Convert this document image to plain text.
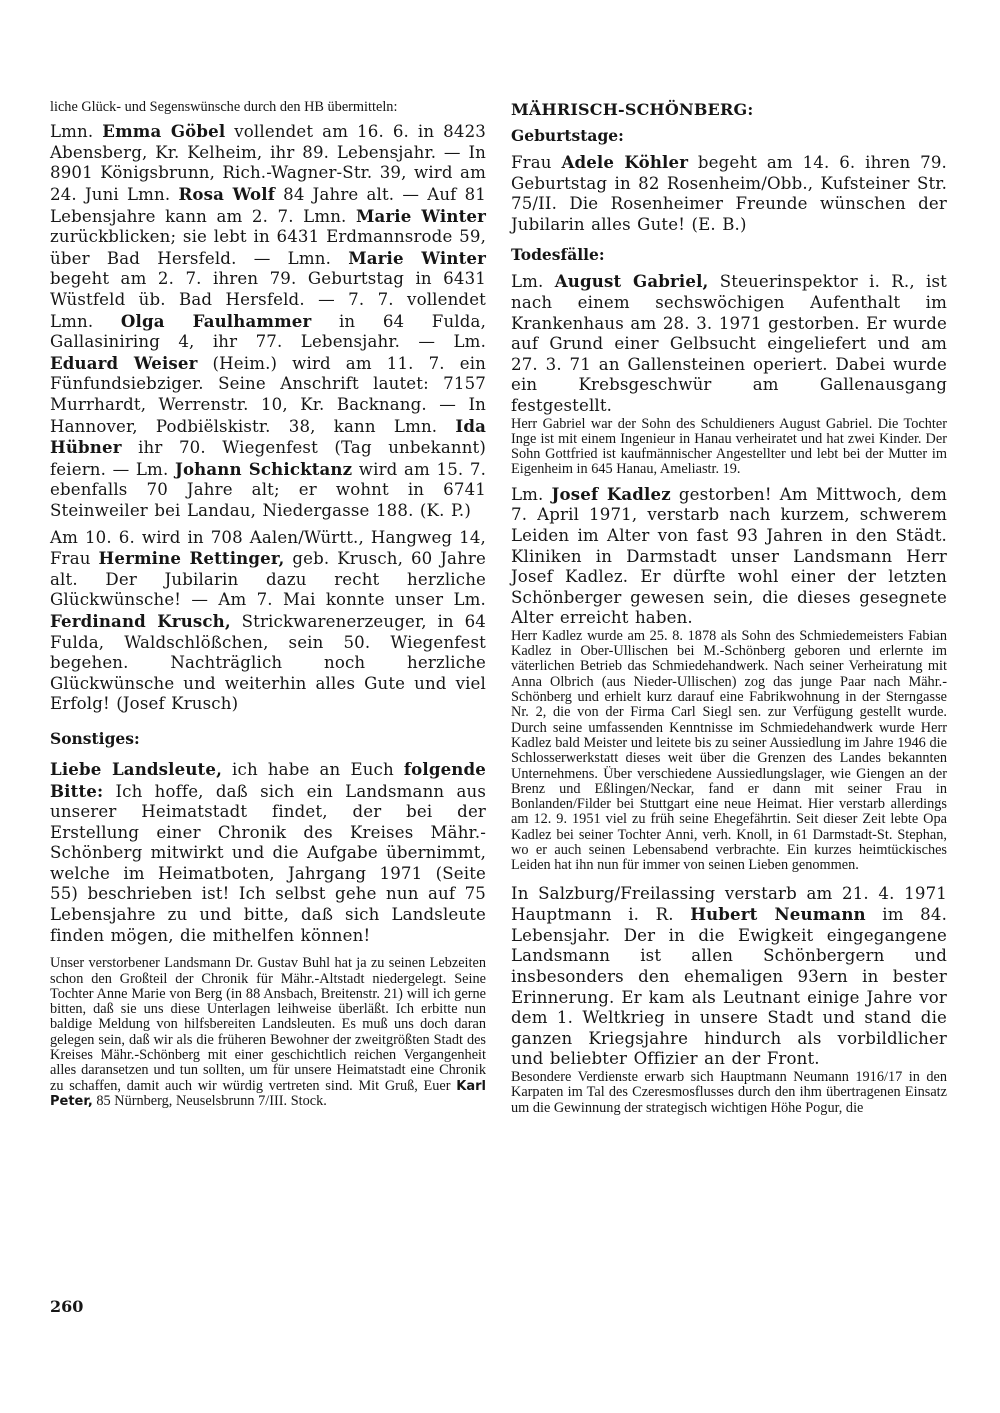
liche Glück- und Segenswünsche durch den HB übermitteln:

Lmn. Emma Göbel vollendet am 16. 6. in 8423 Abensberg, Kr. Kelheim, ihr 89. Lebensjahr. — In 8901 Königsbrunn, Rich.-Wagner-Str. 39, wird am 24. Juni Lmn. Rosa Wolf 84 Jahre alt. — Auf 81 Lebensjahre kann am 2. 7. Lmn. Marie Winter zurückblicken; sie lebt in 6431 Erdmannsrode 59, über Bad Hersfeld. — Lmn. Marie Winter begeht am 2. 7. ihren 79. Geburtstag in 6431 Wüstfeld üb. Bad Hersfeld. — 7. 7. vollendet Lmn. Olga Faulhammer in 64 Fulda, Gallasiniring 4, ihr 77. Lebensjahr. — Lm. Eduard Weiser (Heim.) wird am 11. 7. ein Fünfundsiebziger. Seine Anschrift lautet: 7157 Murrhardt, Werrenstr. 10, Kr. Backnang. — In Hannover, Podbiëlskistr. 38, kann Lmn. Ida Hübner ihr 70. Wiegenfest (Tag unbekannt) feiern. — Lm. Johann Schicktanz wird am 15. 7. ebenfalls 70 Jahre alt; er wohnt in 6741 Steinweiler bei Landau, Niedergasse 188. (K. P.)

Am 10. 6. wird in 708 Aalen/Württ., Hangweg 14, Frau Hermine Rettinger, geb. Krusch, 60 Jahre alt. Der Jubilarin dazu recht herzliche Glückwünsche! — Am 7. Mai konnte unser Lm. Ferdinand Krusch, Strickwarenerzeuger, in 64 Fulda, Waldschlößchen, sein 50. Wiegenfest begehen. Nachträglich noch herzliche Glückwünsche und weiterhin alles Gute und viel Erfolg! (Josef Krusch)

Sonstiges:

Liebe Landsleute, ich habe an Euch folgende Bitte: Ich hoffe, daß sich ein Landsmann aus unserer Heimatstadt findet, der bei der Erstellung einer Chronik des Kreises Mähr.-Schönberg mitwirkt und die Aufgabe übernimmt, welche im Heimatboten, Jahrgang 1971 (Seite 55) beschrieben ist! Ich selbst gehe nun auf 75 Lebensjahre zu und bitte, daß sich Landsleute finden mögen, die mithelfen können!

Unser verstorbener Landsmann Dr. Gustav Buhl hat ja zu seinen Lebzeiten schon den Großteil der Chronik für Mähr.-Altstadt niedergelegt. Seine Tochter Anne Marie von Berg (in 88 Ansbach, Breitenstr. 21) will ich gerne bitten, daß sie uns diese Unterlagen leihweise überläßt. Ich erbitte nun baldige Meldung von hilfsbereiten Landsleuten. Es muß uns doch daran gelegen sein, daß wir als die früheren Bewohner der zweitgrößten Stadt des Kreises Mähr.-Schönberg mit einer geschichtlich reichen Vergangenheit alles daransetzen und tun sollten, um für unsere Heimatstadt eine Chronik zu schaffen, damit auch wir würdig vertreten sind. Mit Gruß, Euer Karl Peter, 85 Nürnberg, Neuselsbrunn 7/III. Stock.

MÄHRISCH-SCHÖNBERG:
Geburtstage:

Frau Adele Köhler begeht am 14. 6. ihren 79. Geburtstag in 82 Rosenheim/Obb., Kufsteiner Str. 75/II. Die Rosenheimer Freunde wünschen der Jubilarin alles Gute! (E. B.)

Todesfälle:

Lm. August Gabriel, Steuerinspektor i. R., ist nach einem sechswöchigen Aufenthalt im Krankenhaus am 28. 3. 1971 gestorben. Er wurde auf Grund einer Gelbsucht eingeliefert und am 27. 3. 71 an Gallensteinen operiert. Dabei wurde ein Krebsgeschwür am Gallenausgang festgestellt.

Herr Gabriel war der Sohn des Schuldieners August Gabriel. Die Tochter Inge ist mit einem Ingenieur in Hanau verheiratet und hat zwei Kinder. Der Sohn Gottfried ist kaufmännischer Angestellter und lebt bei der Mutter im Eigenheim in 645 Hanau, Ameliastr. 19.

Lm. Josef Kadlez gestorben! Am Mittwoch, dem 7. April 1971, verstarb nach kurzem, schwerem Leiden im Alter von fast 93 Jahren in den Städt. Kliniken in Darmstadt unser Landsmann Herr Josef Kadlez. Er dürfte wohl einer der letzten Schönberger gewesen sein, die dieses gesegnete Alter erreicht haben.

Herr Kadlez wurde am 25. 8. 1878 als Sohn des Schmiedemeisters Fabian Kadlez in Ober-Ullischen bei M.-Schönberg geboren und erlernte im väterlichen Betrieb das Schmiedehandwerk. Nach seiner Verheiratung mit Anna Olbrich (aus Nieder-Ullischen) zog das junge Paar nach Mähr.-Schönberg und erhielt kurz darauf eine Fabrikwohnung in der Sterngasse Nr. 2, die von der Firma Carl Siegl sen. zur Verfügung gestellt wurde. Durch seine umfassenden Kenntnisse im Schmiedehandwerk wurde Herr Kadlez bald Meister und leitete bis zu seiner Aussiedlung im Jahre 1946 die Schlosserwerkstatt dieses weit über die Grenzen des Landes bekannten Unternehmens. Über verschiedene Aussiedlungslager, wie Giengen an der Brenz und Eßlingen/Neckar, fand er dann mit seiner Frau in Bonlanden/Filder bei Stuttgart eine neue Heimat. Hier verstarb allerdings am 12. 9. 1951 viel zu früh seine Ehegefährtin. Seit dieser Zeit lebte Opa Kadlez bei seiner Tochter Anni, verh. Knoll, in 61 Darmstadt-St. Stephan, wo er auch seinen Lebensabend verbrachte. Ein kurzes heimtückisches Leiden hat ihn nun für immer von seinen Lieben genommen.

In Salzburg/Freilassing verstarb am 21. 4. 1971 Hauptmann i. R. Hubert Neumann im 84. Lebensjahr. Der in die Ewigkeit eingegangene Landsmann ist allen Schönbergern und insbesonders den ehemaligen 93ern in bester Erinnerung. Er kam als Leutnant einige Jahre vor dem 1. Weltkrieg in unsere Stadt und stand die ganzen Kriegsjahre hindurch als vorbildlicher und beliebter Offizier an der Front.

Besondere Verdienste erwarb sich Hauptmann Neumann 1916/17 in den Karpaten im Tal des Czeresmosflusses durch den ihm übertragenen Einsatz um die Gewinnung der strategisch wichtigen Höhe Pogur, die

260
